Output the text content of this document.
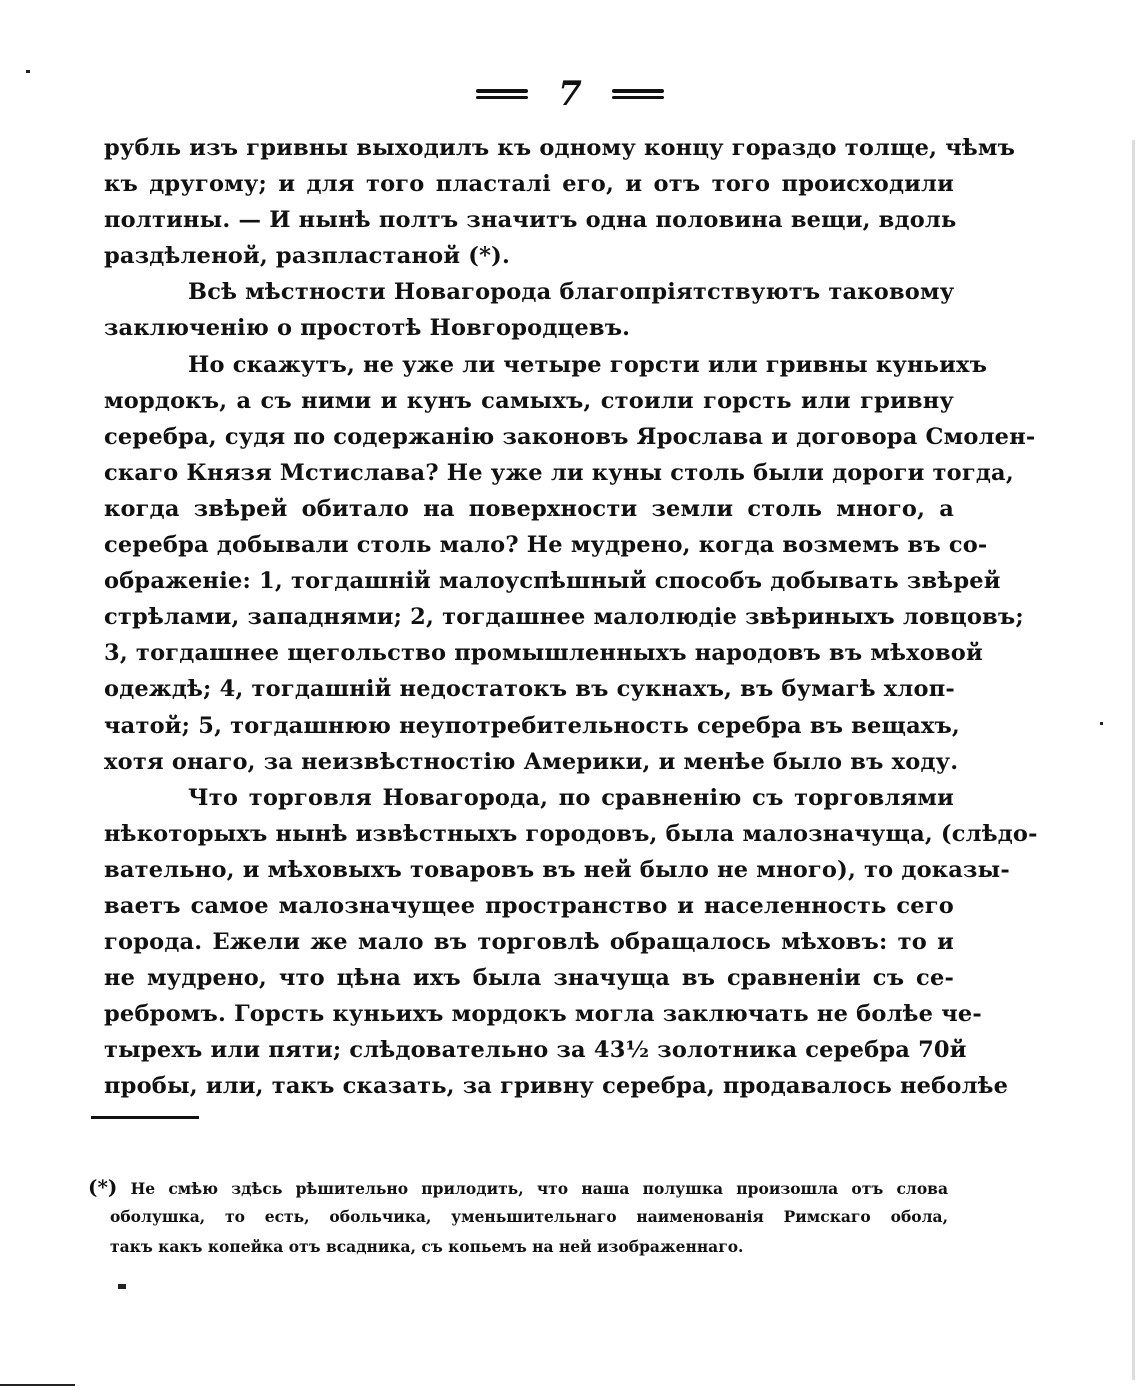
7
рубль изъ гривны выходилъ къ одному концу гораздо толще, чѣмъ
къ другому; и для того пласталі его, и отъ того происходили
полтины. — И нынѣ полтъ значитъ одна половина вещи, вдоль
раздѣленой, разпластаной (*).
Всѣ мѣстности Новагорода благопріятствуютъ таковому
заключенію о простотѣ Новгородцевъ.
Но скажутъ, не уже ли четыре горсти или гривны куньихъ
мордокъ, а съ ними и кунъ самыхъ, стоили горсть или гривну
серебра, судя по содержанію законовъ Ярослава и договора Смолен-
скаго Князя Мстислава? Не уже ли куны столь были дороги тогда,
когда звѣрей обитало на поверхности земли столь много, а
серебра добывали столь мало? Не мудрено, когда возмемъ въ со-
ображеніе: 1, тогдашній малоуспѣшный способъ добывать звѣрей
стрѣлами, западнями; 2, тогдашнее малолюдіе звѣриныхъ ловцовъ;
3, тогдашнее щегольство промышленныхъ народовъ въ мѣховой
одеждѣ; 4, тогдашній недостатокъ въ сукнахъ, въ бумагѣ хлоп-
чатой; 5, тогдашнюю неупотребительность серебра въ вещахъ,
хотя онаго, за неизвѣстностію Америки, и менѣе было въ ходу.
Что торговля Новагорода, по сравненію съ торговлями
нѣкоторыхъ нынѣ извѣстныхъ городовъ, была малозначуща, (слѣдо-
вательно, и мѣховыхъ товаровъ въ ней было не много), то доказы-
ваетъ самое малозначущее пространство и населенность сего
города. Ежели же мало въ торговлѣ обращалось мѣховъ: то и
не мудрено, что цѣна ихъ была значуща въ сравненіи съ се-
ребромъ. Горсть куньихъ мордокъ могла заключать не болѣе че-
тырехъ или пяти; слѣдовательно за 43½ золотника серебра 70й
пробы, или, такъ сказать, за гривну серебра, продавалось неболѣе
(*) Не смѣю здѣсь рѣшительно прилодить, что наша полушка произошла отъ слова
оболушка, то есть, обольчика, уменьшительнаго наименованія Римскаго обола,
такъ какъ копейка отъ всадника, съ копьемъ на ней изображеннаго.
